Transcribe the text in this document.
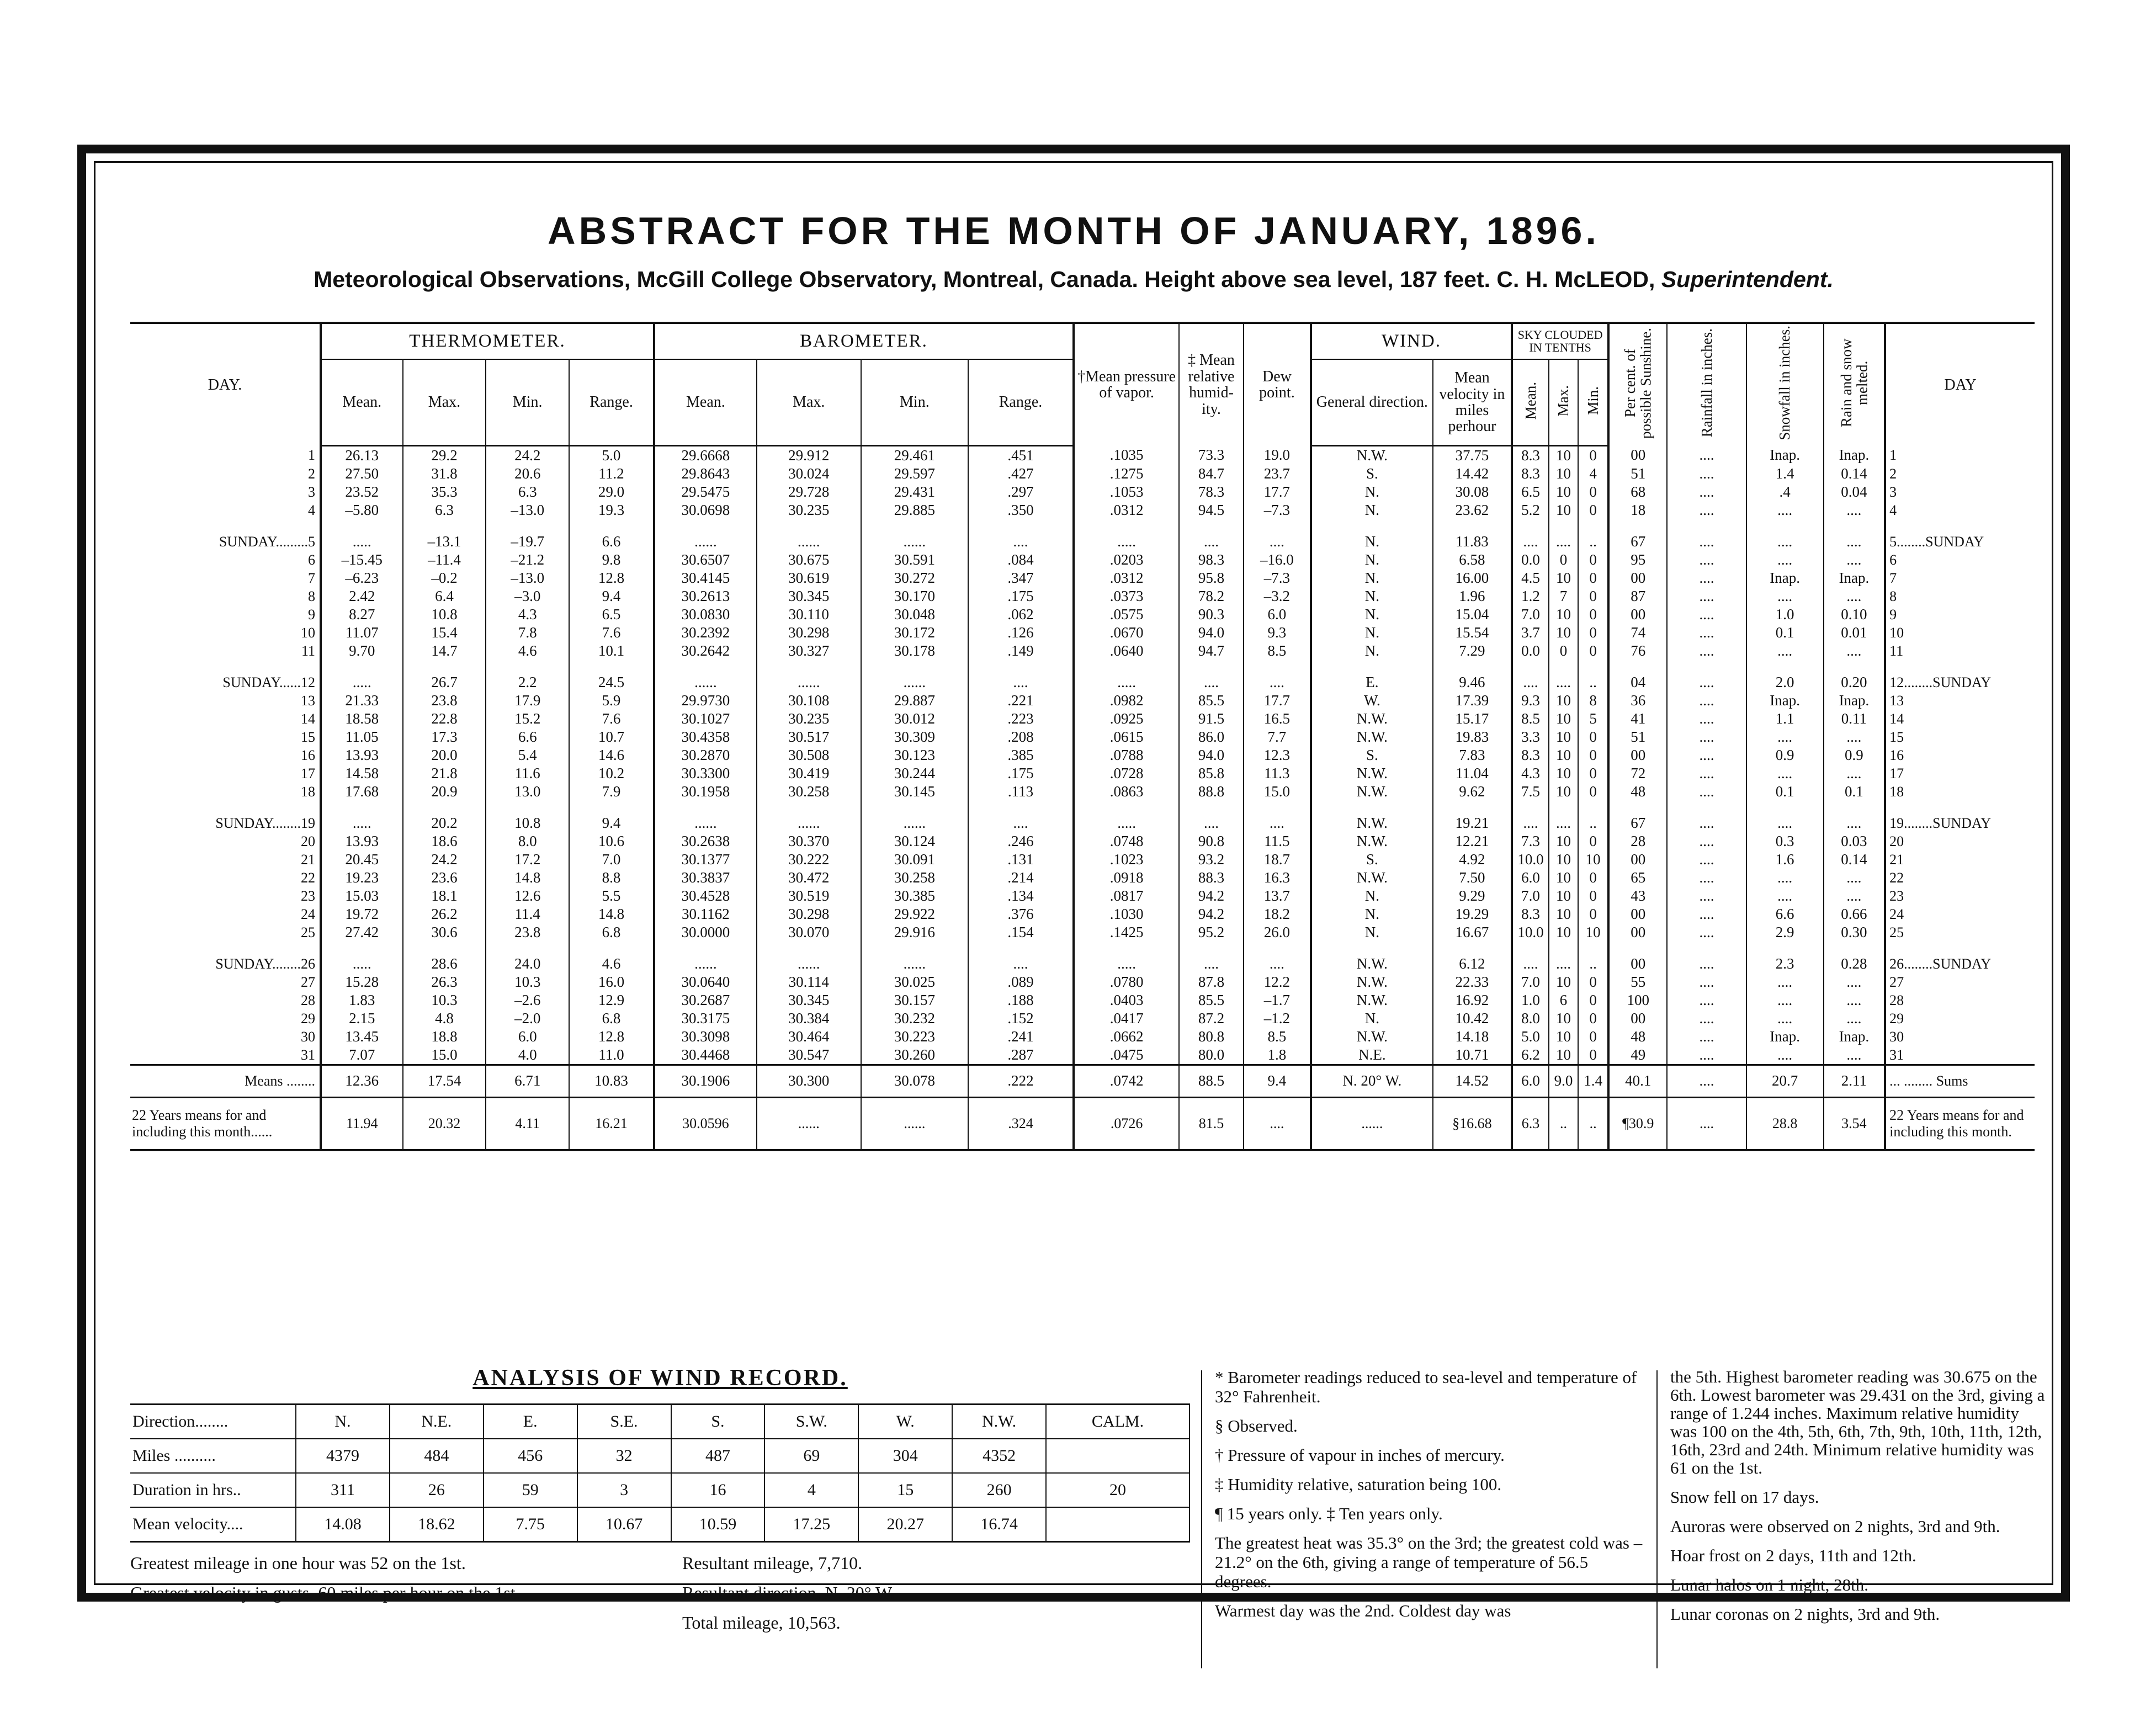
ABSTRACT FOR THE MONTH OF JANUARY, 1896.
Meteorological Observations, McGill College Observatory, Montreal, Canada. Height above sea level, 187 feet. C. H. McLEOD, Superintendent.
DAY.	THERMOMETER.				BAROMETER.				†Mean pressure of vapor.	‡ Mean relative humid-ity.	Dew point.	WIND.		SKY CLOUDED IN TENTHS			Per cent. of possible Sunshine.	Rainfall in inches.	Snowfall in inches.	Rain and snow melted.	DAY
	Mean.	Max.	Min.	Range.	Mean.	Max.	Min.	Range.				General direction.	Mean velocity in miles perhour	Mean.	Max.	Min.					
1	26.13	29.2	24.2	5.0	29.6668	29.912	29.461	.451	.1035	73.3	19.0	N.W.	37.75	8.3	10	0	00	....	Inap.	Inap.	1
2	27.50	31.8	20.6	11.2	29.8643	30.024	29.597	.427	.1275	84.7	23.7	S.	14.42	8.3	10	4	51	....	1.4	0.14	2
3	23.52	35.3	6.3	29.0	29.5475	29.728	29.431	.297	.1053	78.3	17.7	N.	30.08	6.5	10	0	68	....	.4	0.04	3
4	–5.80	6.3	–13.0	19.3	30.0698	30.235	29.885	.350	.0312	94.5	–7.3	N.	23.62	5.2	10	0	18	....	....	....	4
SUNDAY.........5	.....	–13.1	–19.7	6.6	......	......	......	....	.....	....	....	N.	11.83	....	....	..	67	....	....	....	5........SUNDAY
6	–15.45	–11.4	–21.2	9.8	30.6507	30.675	30.591	.084	.0203	98.3	–16.0	N.	6.58	0.0	0	0	95	....	....	....	6
7	–6.23	–0.2	–13.0	12.8	30.4145	30.619	30.272	.347	.0312	95.8	–7.3	N.	16.00	4.5	10	0	00	....	Inap.	Inap.	7
8	2.42	6.4	–3.0	9.4	30.2613	30.345	30.170	.175	.0373	78.2	–3.2	N.	1.96	1.2	7	0	87	....	....	....	8
9	8.27	10.8	4.3	6.5	30.0830	30.110	30.048	.062	.0575	90.3	6.0	N.	15.04	7.0	10	0	00	....	1.0	0.10	9
10	11.07	15.4	7.8	7.6	30.2392	30.298	30.172	.126	.0670	94.0	9.3	N.	15.54	3.7	10	0	74	....	0.1	0.01	10
11	9.70	14.7	4.6	10.1	30.2642	30.327	30.178	.149	.0640	94.7	8.5	N.	7.29	0.0	0	0	76	....	....	....	11
SUNDAY......12	.....	26.7	2.2	24.5	......	......	......	....	.....	....	....	E.	9.46	....	....	..	04	....	2.0	0.20	12........SUNDAY
13	21.33	23.8	17.9	5.9	29.9730	30.108	29.887	.221	.0982	85.5	17.7	W.	17.39	9.3	10	8	36	....	Inap.	Inap.	13
14	18.58	22.8	15.2	7.6	30.1027	30.235	30.012	.223	.0925	91.5	16.5	N.W.	15.17	8.5	10	5	41	....	1.1	0.11	14
15	11.05	17.3	6.6	10.7	30.4358	30.517	30.309	.208	.0615	86.0	7.7	N.W.	19.83	3.3	10	0	51	....	....	....	15
16	13.93	20.0	5.4	14.6	30.2870	30.508	30.123	.385	.0788	94.0	12.3	S.	7.83	8.3	10	0	00	....	0.9	0.9	16
17	14.58	21.8	11.6	10.2	30.3300	30.419	30.244	.175	.0728	85.8	11.3	N.W.	11.04	4.3	10	0	72	....	....	....	17
18	17.68	20.9	13.0	7.9	30.1958	30.258	30.145	.113	.0863	88.8	15.0	N.W.	9.62	7.5	10	0	48	....	0.1	0.1	18
SUNDAY........19	.....	20.2	10.8	9.4	......	......	......	....	.....	....	....	N.W.	19.21	....	....	..	67	....	....	....	19........SUNDAY
20	13.93	18.6	8.0	10.6	30.2638	30.370	30.124	.246	.0748	90.8	11.5	N.W.	12.21	7.3	10	0	28	....	0.3	0.03	20
21	20.45	24.2	17.2	7.0	30.1377	30.222	30.091	.131	.1023	93.2	18.7	S.	4.92	10.0	10	10	00	....	1.6	0.14	21
22	19.23	23.6	14.8	8.8	30.3837	30.472	30.258	.214	.0918	88.3	16.3	N.W.	7.50	6.0	10	0	65	....	....	....	22
23	15.03	18.1	12.6	5.5	30.4528	30.519	30.385	.134	.0817	94.2	13.7	N.	9.29	7.0	10	0	43	....	....	....	23
24	19.72	26.2	11.4	14.8	30.1162	30.298	29.922	.376	.1030	94.2	18.2	N.	19.29	8.3	10	0	00	....	6.6	0.66	24
25	27.42	30.6	23.8	6.8	30.0000	30.070	29.916	.154	.1425	95.2	26.0	N.	16.67	10.0	10	10	00	....	2.9	0.30	25
SUNDAY........26	.....	28.6	24.0	4.6	......	......	......	....	.....	....	....	N.W.	6.12	....	....	..	00	....	2.3	0.28	26........SUNDAY
27	15.28	26.3	10.3	16.0	30.0640	30.114	30.025	.089	.0780	87.8	12.2	N.W.	22.33	7.0	10	0	55	....	....	....	27
28	1.83	10.3	–2.6	12.9	30.2687	30.345	30.157	.188	.0403	85.5	–1.7	N.W.	16.92	1.0	6	0	100	....	....	....	28
29	2.15	4.8	–2.0	6.8	30.3175	30.384	30.232	.152	.0417	87.2	–1.2	N.	10.42	8.0	10	0	00	....	....	....	29
30	13.45	18.8	6.0	12.8	30.3098	30.464	30.223	.241	.0662	80.8	8.5	N.W.	14.18	5.0	10	0	48	....	Inap.	Inap.	30
31	7.07	15.0	4.0	11.0	30.4468	30.547	30.260	.287	.0475	80.0	1.8	N.E.	10.71	6.2	10	0	49	....	....	....	31
Means ........	12.36	17.54	6.71	10.83	30.1906	30.300	30.078	.222	.0742	88.5	9.4	N. 20° W.	14.52	6.0	9.0	1.4	40.1	....	20.7	2.11	... ........ Sums
22 Years means for and including this month......	11.94	20.32	4.11	16.21	30.0596	......	......	.324	.0726	81.5	....	......	§16.68	6.3	..	..	¶30.9	....	28.8	3.54	22 Years means for and including this month.
ANALYSIS OF WIND RECORD.
Direction........	N.	N.E.	E.	S.E.	S.	S.W.	W.	N.W.	CALM.
Miles ..........	4379	484	456	32	487	69	304	4352	
Duration in hrs..	311	26	59	3	16	4	15	260	20
Mean velocity....	14.08	18.62	7.75	10.67	10.59	17.25	20.27	16.74	

Greatest mileage in one hour was 52 on the 1st.

Greatest velocity in gusts, 60 miles per hour on the 1st.

Resultant mileage, 7,710.

Resultant direction, N. 20° W.

Total mileage, 10,563.

* Barometer readings reduced to sea-level and temperature of 32° Fahrenheit.

§ Observed.

† Pressure of vapour in inches of mercury.

‡ Humidity relative, saturation being 100.

¶ 15 years only. ‡ Ten years only.

The greatest heat was 35.3° on the 3rd; the greatest cold was –21.2° on the 6th, giving a range of temperature of 56.5 degrees.

Warmest day was the 2nd. Coldest day was

the 5th. Highest barometer reading was 30.675 on the 6th. Lowest barometer was 29.431 on the 3rd, giving a range of 1.244 inches. Maximum relative humidity was 100 on the 4th, 5th, 6th, 7th, 9th, 10th, 11th, 12th, 16th, 23rd and 24th. Minimum relative humidity was 61 on the 1st.

Snow fell on 17 days.

Auroras were observed on 2 nights, 3rd and 9th.

Hoar frost on 2 days, 11th and 12th.

Lunar halos on 1 night, 28th.

Lunar coronas on 2 nights, 3rd and 9th.
